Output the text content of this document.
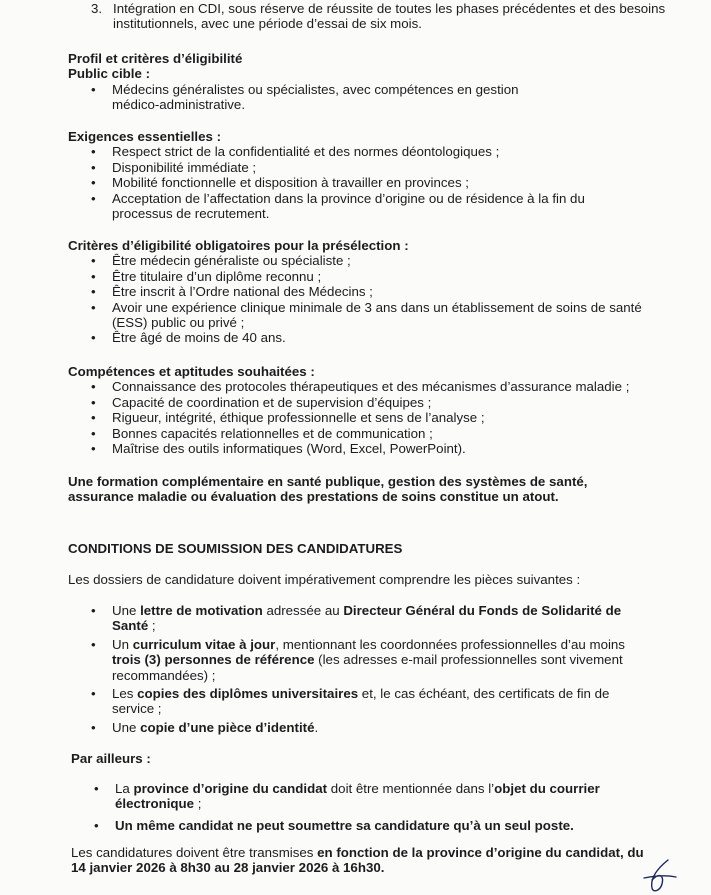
3. Intégration en CDI, sous réserve de réussite de toutes les phases précédentes et des besoins institutionnels, avec une période d’essai de six mois.
Profil et critères d’éligibilité
Public cible :
• Médecins généralistes ou spécialistes, avec compétences en gestion médico-administrative.
Exigences essentielles :
• Respect strict de la confidentialité et des normes déontologiques ;
• Disponibilité immédiate ;
• Mobilité fonctionnelle et disposition à travailler en provinces ;
• Acceptation de l’affectation dans la province d’origine ou de résidence à la fin du processus de recrutement.
Critères d’éligibilité obligatoires pour la présélection :
• Être médecin généraliste ou spécialiste ;
• Être titulaire d’un diplôme reconnu ;
• Être inscrit à l’Ordre national des Médecins ;
• Avoir une expérience clinique minimale de 3 ans dans un établissement de soins de santé (ESS) public ou privé ;
• Être âgé de moins de 40 ans.
Compétences et aptitudes souhaitées :
• Connaissance des protocoles thérapeutiques et des mécanismes d’assurance maladie ;
• Capacité de coordination et de supervision d’équipes ;
• Rigueur, intégrité, éthique professionnelle et sens de l’analyse ;
• Bonnes capacités relationnelles et de communication ;
• Maîtrise des outils informatiques (Word, Excel, PowerPoint).
Une formation complémentaire en santé publique, gestion des systèmes de santé, assurance maladie ou évaluation des prestations de soins constitue un atout.
CONDITIONS DE SOUMISSION DES CANDIDATURES
Les dossiers de candidature doivent impérativement comprendre les pièces suivantes :
• Une lettre de motivation adressée au Directeur Général du Fonds de Solidarité de Santé ;
• Un curriculum vitae à jour, mentionnant les coordonnées professionnelles d’au moins trois (3) personnes de référence (les adresses e-mail professionnelles sont vivement recommandées) ;
• Les copies des diplômes universitaires et, le cas échéant, des certificats de fin de service ;
• Une copie d’une pièce d’identité.
Par ailleurs :
• La province d’origine du candidat doit être mentionnée dans l’objet du courrier électronique ;
• Un même candidat ne peut soumettre sa candidature qu’à un seul poste.
Les candidatures doivent être transmises en fonction de la province d’origine du candidat, du 14 janvier 2026 à 8h30 au 28 janvier 2026 à 16h30.
